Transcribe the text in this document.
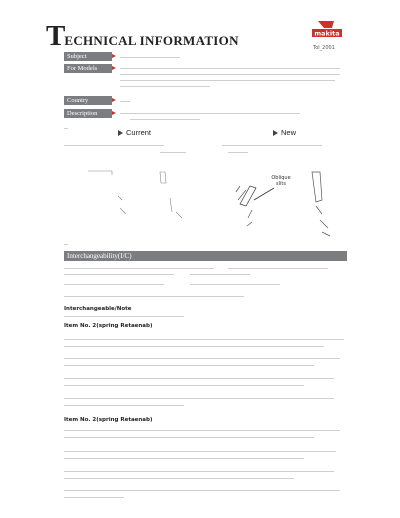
TECHNICAL INFORMATION	makita
Tol_2001
Subject
For Models
Country
Description
Current	New
Oblique slits
Interchangeability(I/C)
Interchangeable/Note
Item No. 2(spring Retaenab)
Item No. 2(spring Retaenab)
